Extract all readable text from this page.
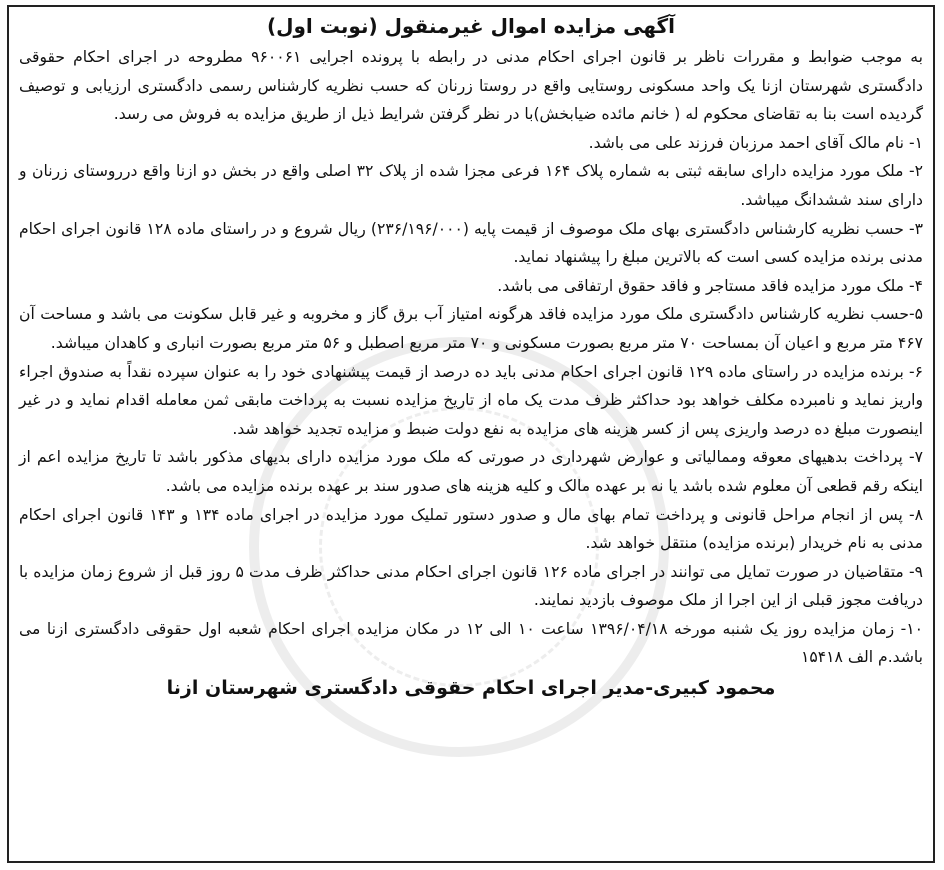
آگهی مزایده اموال غیرمنقول (نوبت اول)

به موجب ضوابط و مقررات ناظر بر قانون اجرای احکام مدنی در رابطه با پرونده اجرایی ۹۶۰۰۶۱ مطروحه در اجرای احکام حقوقی دادگستری شهرستان ازنا یک واحد مسکونی روستایی واقع در روستا زرنان که حسب نظریه کارشناس رسمی دادگستری ارزیابی و توصیف گردیده است بنا به تقاضای محکوم له ( خانم مائده ضیابخش)با در نظر گرفتن شرایط ذیل از طریق مزایده به فروش می رسد.

۱- نام مالک آقای احمد مرزبان فرزند علی می باشد.

۲- ملک مورد مزایده دارای سابقه ثبتی به شماره پلاک ۱۶۴ فرعی مجزا شده از پلاک ۳۲ اصلی واقع در بخش دو ازنا واقع درروستای زرنان و دارای سند ششدانگ میباشد.

۳- حسب نظریه کارشناس دادگستری بهای ملک موصوف از قیمت پایه (۲۳۶/۱۹۶/۰۰۰) ریال شروع و در راستای ماده ۱۲۸ قانون اجرای احکام مدنی برنده مزایده کسی است که بالاترین مبلغ را پیشنهاد نماید.

۴- ملک مورد مزایده فاقد مستاجر و فاقد حقوق ارتفاقی می باشد.

۵-حسب نظریه کارشناس دادگستری ملک مورد مزایده فاقد هرگونه امتیاز آب برق گاز و مخروبه و غیر قابل سکونت می باشد و مساحت آن ۴۶۷ متر مربع و اعیان آن بمساحت ۷۰ متر مربع بصورت مسکونی و ۷۰ متر مربع اصطبل و ۵۶ متر مربع بصورت انباری و کاهدان میباشد.

۶- برنده مزایده در راستای ماده ۱۲۹ قانون اجرای احکام مدنی باید ده درصد از قیمت پیشنهادی خود را به عنوان سپرده نقداً به صندوق اجراء واریز نماید و نامبرده مکلف خواهد بود حداکثر ظرف مدت یک ماه از تاریخ مزایده نسبت به پرداخت مابقی ثمن معامله اقدام نماید و در غیر اینصورت مبلغ ده درصد واریزی پس از کسر هزینه های مزایده به نفع دولت ضبط و مزایده تجدید خواهد شد.

۷- پرداخت بدهیهای معوقه وممالیاتی و عوارض شهرداری در صورتی که ملک مورد مزایده دارای بدیهای مذکور باشد تا تاریخ مزایده اعم از اینکه رقم قطعی آن معلوم شده باشد یا نه بر عهده مالک و کلیه هزینه های صدور سند بر عهده برنده مزایده می باشد.

۸- پس از انجام مراحل قانونی و پرداخت تمام بهای مال و صدور دستور تملیک مورد مزایده در اجرای ماده ۱۳۴ و ۱۴۳ قانون اجرای احکام مدنی به نام خریدار (برنده مزایده) منتقل خواهد شد.

۹- متقاضیان در صورت تمایل می توانند در اجرای ماده ۱۲۶ قانون اجرای احکام مدنی حداکثر ظرف مدت ۵ روز قبل از شروع زمان مزایده با دریافت مجوز قبلی از این اجرا از ملک موصوف بازدید نمایند.

۱۰- زمان مزایده روز یک شنبه مورخه ۱۳۹۶/۰۴/۱۸ ساعت ۱۰ الی ۱۲ در مکان مزایده اجرای احکام شعبه اول حقوقی دادگستری ازنا می باشد.م الف ۱۵۴۱۸

محمود کبیری-مدیر اجرای احکام حقوقی دادگستری شهرستان ازنا
